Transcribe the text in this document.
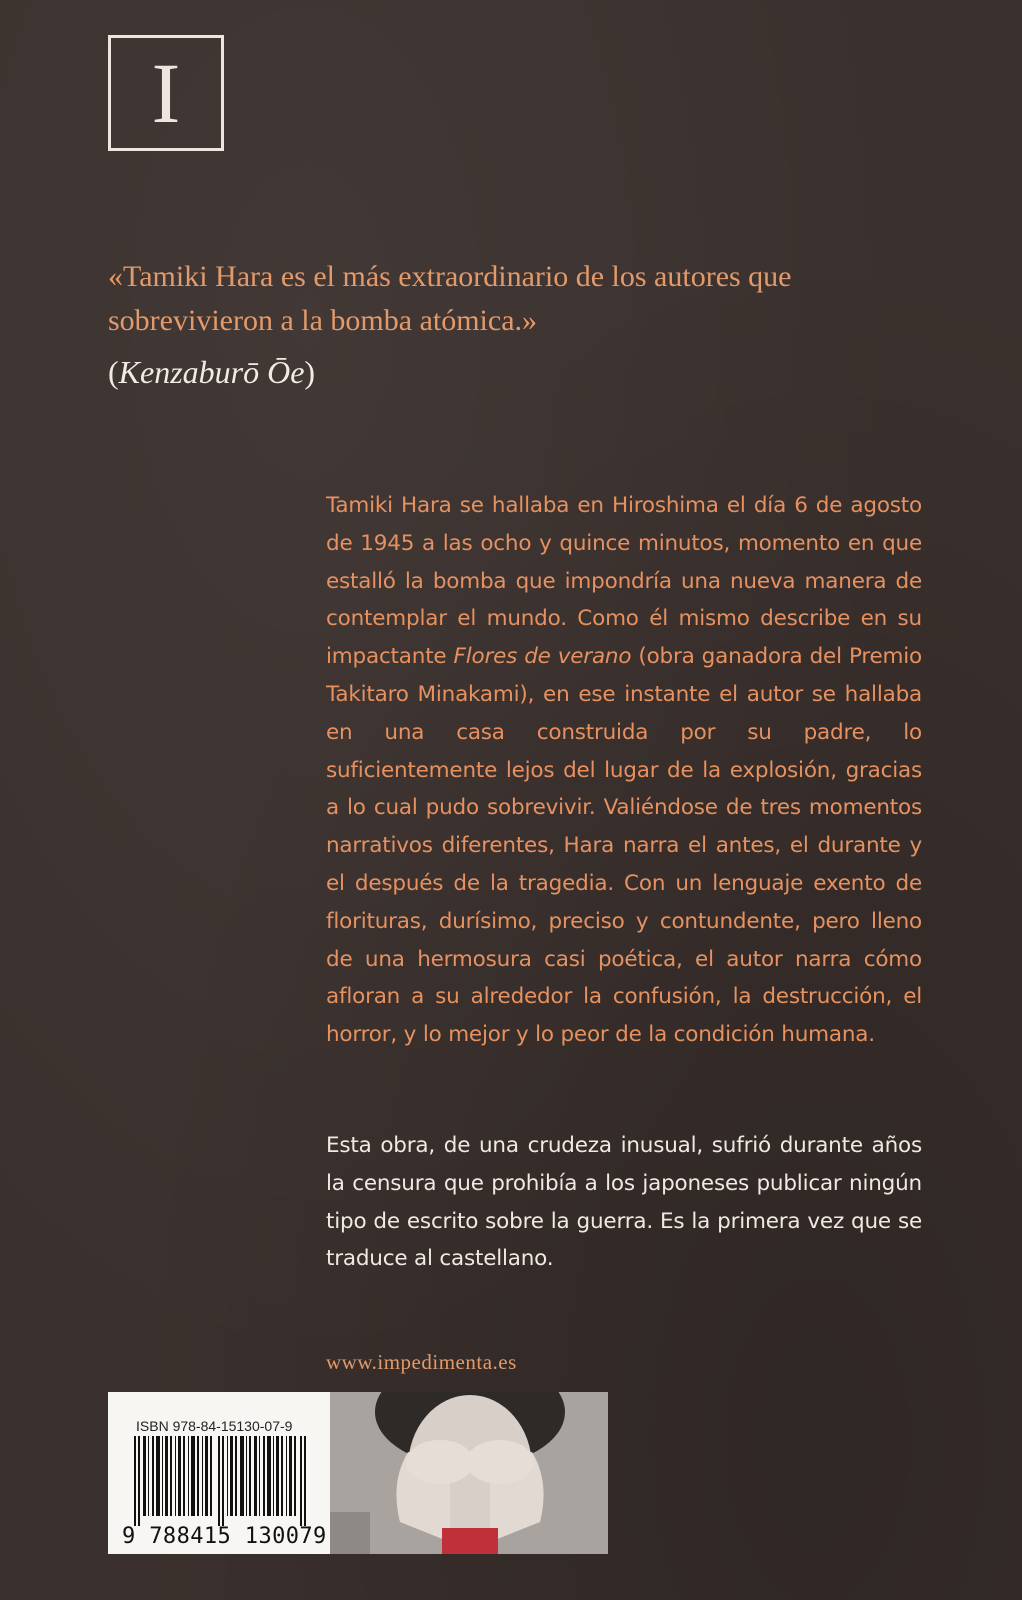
I
«Tamiki Hara es el más extraordinario de los autores que sobrevivieron a la bomba atómica.»
(Kenzaburō Ōe)

Tamiki Hara se hallaba en Hiroshima el día 6 de agosto de 1945 a las ocho y quince minutos, momento en que estalló la bomba que impondría una nueva manera de contemplar el mundo. Como él mismo describe en su impactante Flores de verano (obra ganadora del Premio Takitaro Minakami), en ese instante el autor se hallaba en una casa construida por su padre, lo suficientemente lejos del lugar de la explosión, gracias a lo cual pudo sobrevivir. Valiéndose de tres momentos narrativos diferentes, Hara narra el antes, el durante y el después de la tragedia. Con un lenguaje exento de florituras, durísimo, preciso y contundente, pero lleno de una hermosura casi poética, el autor narra cómo afloran a su alrededor la confusión, la destrucción, el horror, y lo mejor y lo peor de la condición humana.

Esta obra, de una crudeza inusual, sufrió durante años la censura que prohibía a los japoneses publicar ningún tipo de escrito sobre la guerra. Es la primera vez que se traduce al castellano.

www.impedimenta.es
ISBN 978-84-15130-07-9
9 788415 130079
